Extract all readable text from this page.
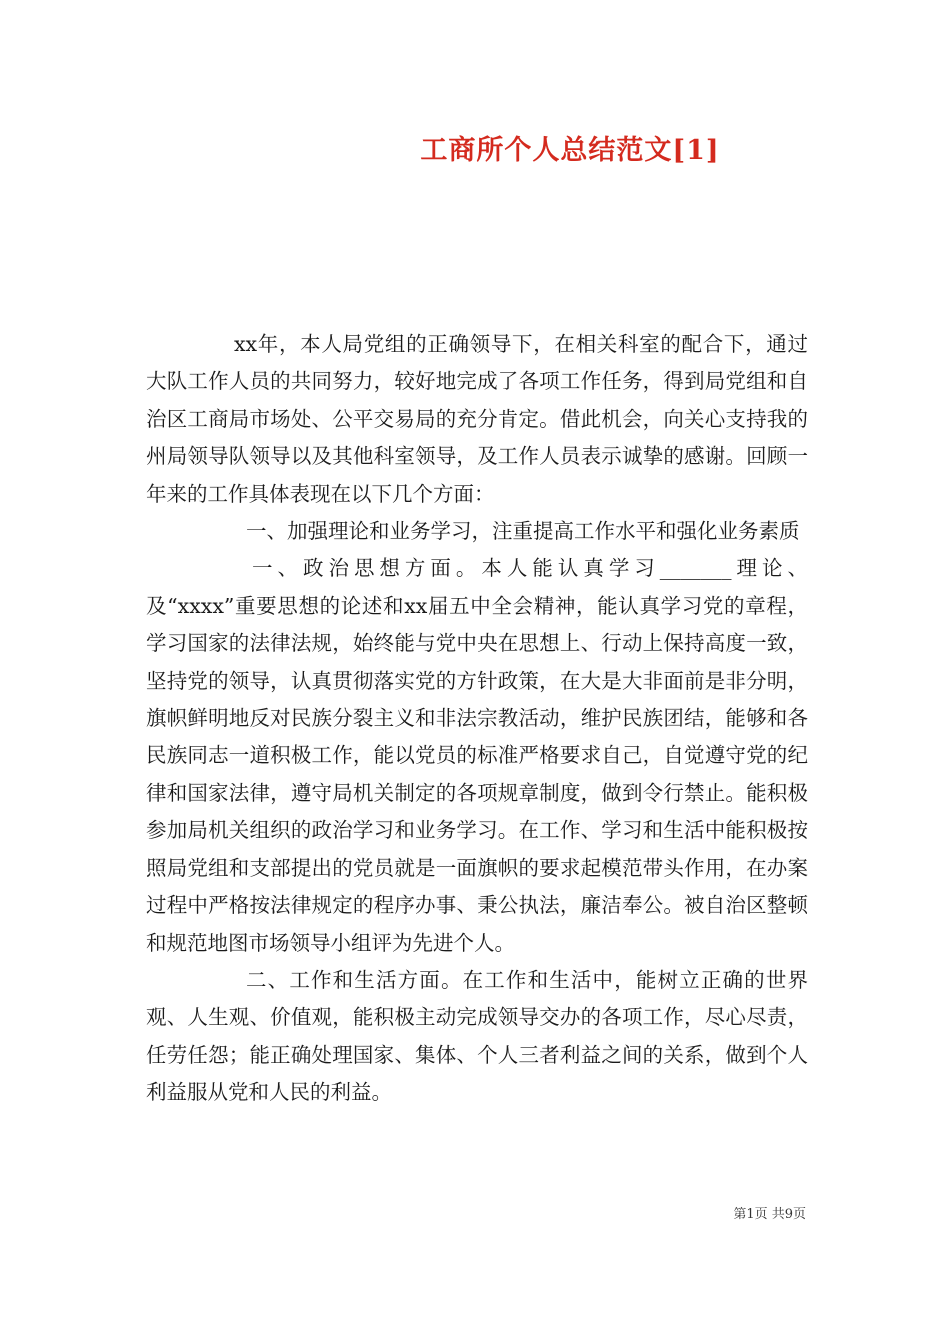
工商所个人总结范文[1]

xx年，本人局党组的正确领导下，在相关科室的配合下，通过大队工作人员的共同努力，较好地完成了各项工作任务，得到局党组和自治区工商局市场处、公平交易局的充分肯定。借此机会，向关心支持我的州局领导队领导以及其他科室领导，及工作人员表示诚挚的感谢。回顾一年来的工作具体表现在以下几个方面：

一、加强理论和业务学习，注重提高工作水平和强化业务素质

一、政治思想方面。本人能认真学习_______理论、及“xxxx”重要思想的论述和xx届五中全会精神，能认真学习党的章程，学习国家的法律法规，始终能与党中央在思想上、行动上保持高度一致，坚持党的领导，认真贯彻落实党的方针政策，在大是大非面前是非分明，旗帜鲜明地反对民族分裂主义和非法宗教活动，维护民族团结，能够和各民族同志一道积极工作，能以党员的标准严格要求自己，自觉遵守党的纪律和国家法律，遵守局机关制定的各项规章制度，做到令行禁止。能积极参加局机关组织的政治学习和业务学习。在工作、学习和生活中能积极按照局党组和支部提出的党员就是一面旗帜的要求起模范带头作用，在办案过程中严格按法律规定的程序办事、秉公执法，廉洁奉公。被自治区整顿和规范地图市场领导小组评为先进个人。

二、工作和生活方面。在工作和生活中，能树立正确的世界观、人生观、价值观，能积极主动完成领导交办的各项工作，尽心尽责，任劳任怨；能正确处理国家、集体、个人三者利益之间的关系，做到个人利益服从党和人民的利益。

第1页 共9页
